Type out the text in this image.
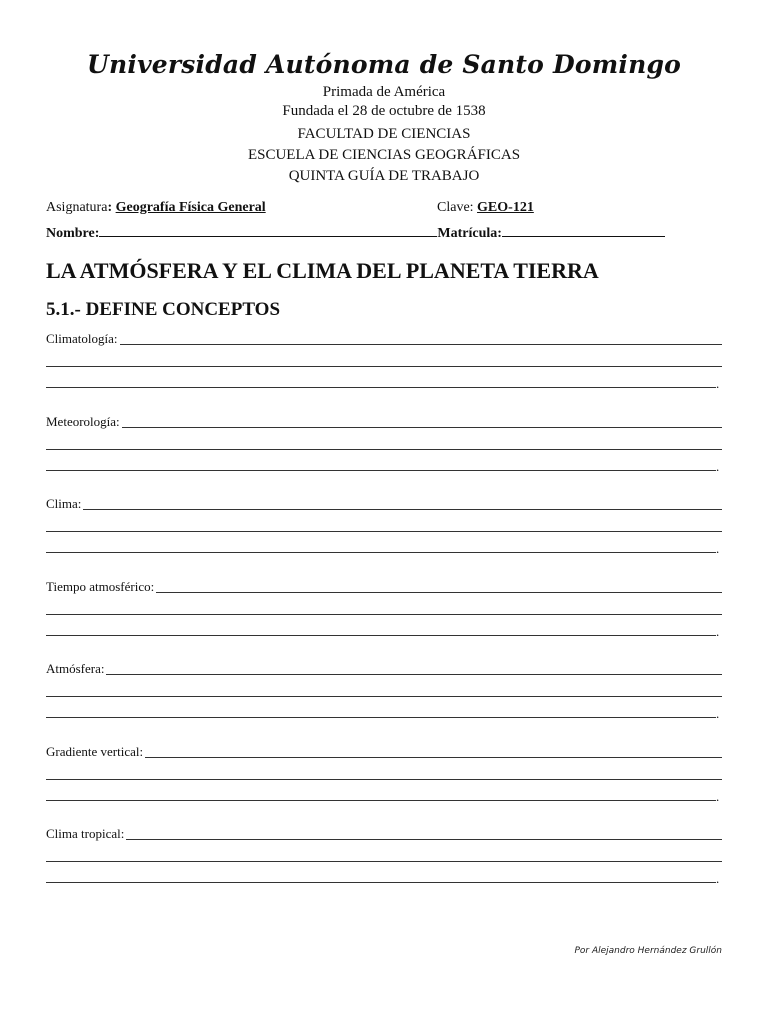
Universidad Autónoma de Santo Domingo
Primada de América
Fundada el 28 de octubre de 1538
FACULTAD DE CIENCIAS
ESCUELA DE CIENCIAS GEOGRÁFICAS
QUINTA GUÍA DE TRABAJO
Asignatura: Geografía Física General	Clave: GEO-121
Nombre:	Matrícula:
LA ATMÓSFERA Y EL CLIMA DEL PLANETA TIERRA
5.1.- DEFINE CONCEPTOS
Climatología:
.
Meteorología:
.
Clima:
.
Tiempo atmosférico:
.
Atmósfera:
.
Gradiente vertical:
.
Clima tropical:
.
Por Alejandro Hernández Grullón
